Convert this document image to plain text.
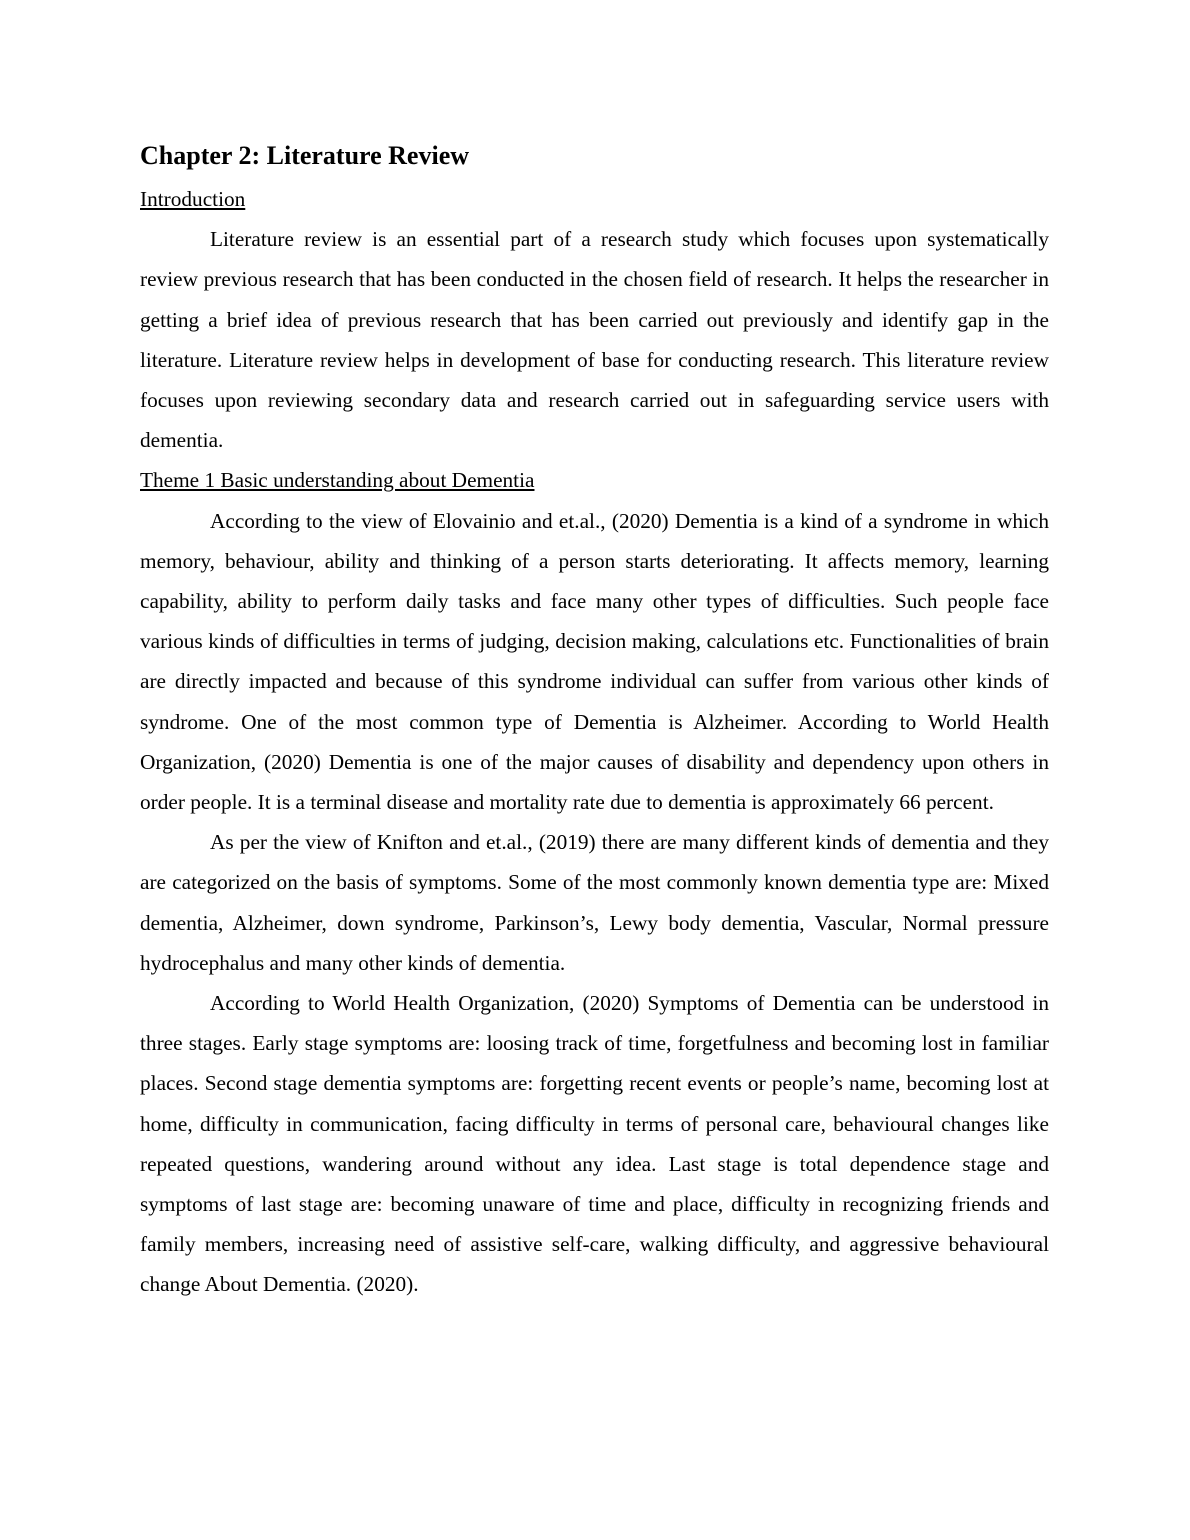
Chapter 2: Literature Review

Introduction

Literature review is an essential part of a research study which focuses upon systematically review previous research that has been conducted in the chosen field of research. It helps the researcher in getting a brief idea of previous research that has been carried out previously and identify gap in the literature. Literature review helps in development of base for conducting research. This literature review focuses upon reviewing secondary data and research carried out in safeguarding service users with dementia.

Theme 1 Basic understanding about Dementia

According to the view of Elovainio and et.al., (2020) Dementia is a kind of a syndrome in which memory, behaviour, ability and thinking of a person starts deteriorating. It affects memory, learning capability, ability to perform daily tasks and face many other types of difficulties. Such people face various kinds of difficulties in terms of judging, decision making, calculations etc. Functionalities of brain are directly impacted and because of this syndrome individual can suffer from various other kinds of syndrome. One of the most common type of Dementia is Alzheimer. According to World Health Organization, (2020) Dementia is one of the major causes of disability and dependency upon others in order people. It is a terminal disease and mortality rate due to dementia is approximately 66 percent.

As per the view of Knifton and et.al., (2019) there are many different kinds of dementia and they are categorized on the basis of symptoms. Some of the most commonly known dementia type are: Mixed dementia, Alzheimer, down syndrome, Parkinson’s, Lewy body dementia, Vascular, Normal pressure hydrocephalus and many other kinds of dementia.

According to World Health Organization, (2020) Symptoms of Dementia can be understood in three stages. Early stage symptoms are: loosing track of time, forgetfulness and becoming lost in familiar places. Second stage dementia symptoms are: forgetting recent events or people’s name, becoming lost at home, difficulty in communication, facing difficulty in terms of personal care, behavioural changes like repeated questions, wandering around without any idea. Last stage is total dependence stage and symptoms of last stage are: becoming unaware of time and place, difficulty in recognizing friends and family members, increasing need of assistive self-care, walking difficulty, and aggressive behavioural change About Dementia. (2020).
